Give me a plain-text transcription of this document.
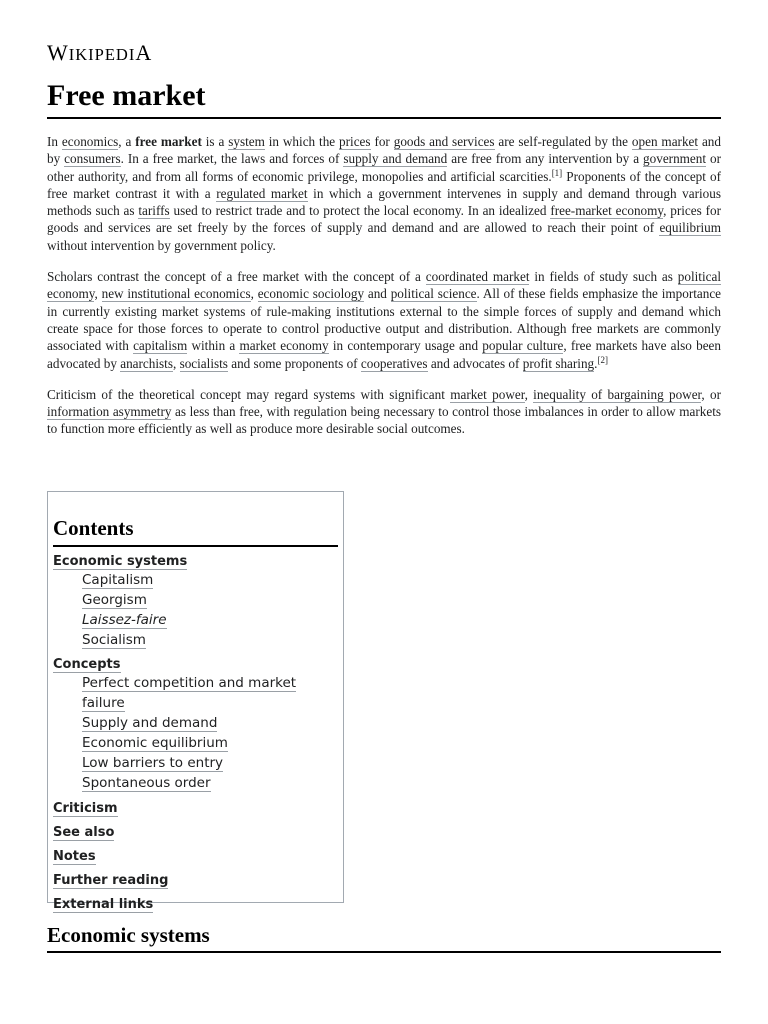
WIKIPEDIA
Free market

In economics, a free market is a system in which the prices for goods and services are self-regulated by the open market and by consumers. In a free market, the laws and forces of supply and demand are free from any intervention by a government or other authority, and from all forms of economic privilege, monopolies and artificial scarcities.[1] Proponents of the concept of free market contrast it with a regulated market in which a government intervenes in supply and demand through various methods such as tariffs used to restrict trade and to protect the local economy. In an idealized free-market economy, prices for goods and services are set freely by the forces of supply and demand and are allowed to reach their point of equilibrium without intervention by government policy.

Scholars contrast the concept of a free market with the concept of a coordinated market in fields of study such as political economy, new institutional economics, economic sociology and political science. All of these fields emphasize the importance in currently existing market systems of rule-making institutions external to the simple forces of supply and demand which create space for those forces to operate to control productive output and distribution. Although free markets are commonly associated with capitalism within a market economy in contemporary usage and popular culture, free markets have also been advocated by anarchists, socialists and some proponents of cooperatives and advocates of profit sharing.[2]

Criticism of the theoretical concept may regard systems with significant market power, inequality of bargaining power, or information asymmetry as less than free, with regulation being necessary to control those imbalances in order to allow markets to function more efficiently as well as produce more desirable social outcomes.

Contents
Economic systems
Capitalism
Georgism
Laissez-faire
Socialism
Concepts
Perfect competition and market failure
Supply and demand
Economic equilibrium
Low barriers to entry
Spontaneous order
Criticism
See also
Notes
Further reading
External links
Economic systems
